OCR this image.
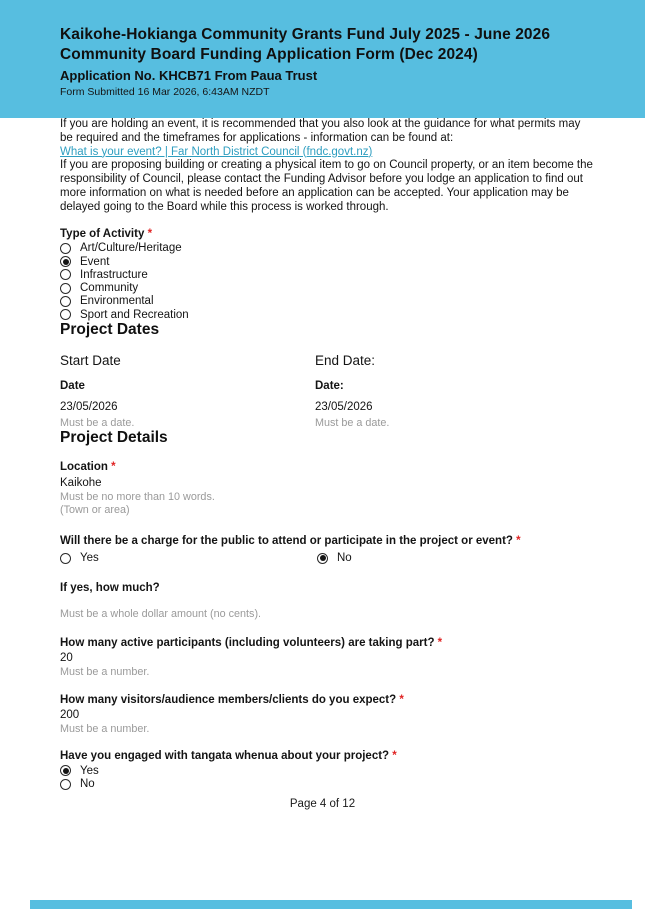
Kaikohe-Hokianga Community Grants Fund July 2025 - June 2026 Community Board Funding Application Form (Dec 2024)
Application No. KHCB71 From Paua Trust
Form Submitted 16 Mar 2026, 6:43AM NZDT

If you are holding an event, it is recommended that you also look at the guidance for what permits may be required and the timeframes for applications - information can be found at:

What is your event? | Far North District Council (fndc.govt.nz)

If you are proposing building or creating a physical item to go on Council property, or an item become the responsibility of Council, please contact the Funding Advisor before you lodge an application to find out more information on what is needed before an application can be accepted. Your application may be delayed going to the Board while this process is worked through.

Type of Activity *
Art/Culture/Heritage
Event
Infrastructure
Community
Environmental
Sport and Recreation
Project Dates
Start Date
Date
23/05/2026
Must be a date.
End Date:
Date:
23/05/2026
Must be a date.
Project Details
Location *
Kaikohe
Must be no more than 10 words.
(Town or area)
Will there be a charge for the public to attend or participate in the project or event? *
Yes	No
If yes, how much?
Must be a whole dollar amount (no cents).
How many active participants (including volunteers) are taking part? *
20
Must be a number.
How many visitors/audience members/clients do you expect? *
200
Must be a number.
Have you engaged with tangata whenua about your project? *
Yes
No
Page 4 of 12
